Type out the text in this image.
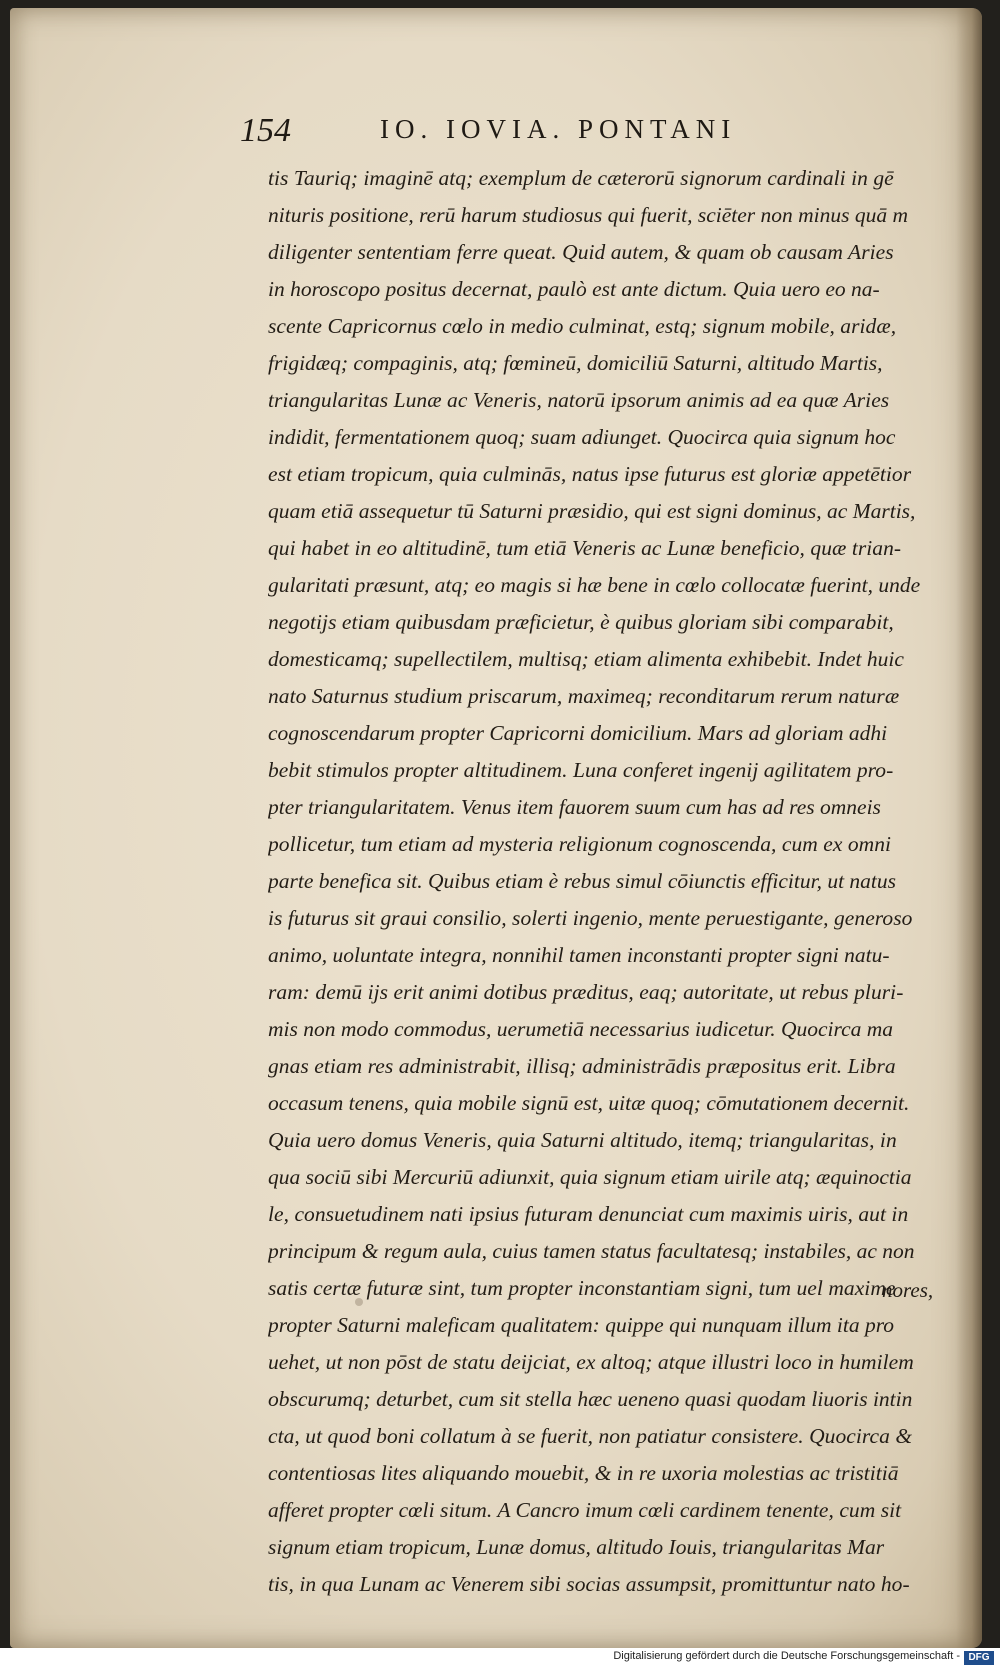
154	IO. IOVIA. PONTANI
tis Tauriq; imaginē atq; exemplum de cæterorū signorum cardinali in gē
nituris positione, rerū harum studiosus qui fuerit, sciēter non minus quā m
diligenter sententiam ferre queat. Quid autem, & quam ob causam Aries
in horoscopo positus decernat, paulò est ante dictum. Quia uero eo na-
scente Capricornus cœlo in medio culminat, estq; signum mobile, aridæ,
frigidæq; compaginis, atq; fœmineū, domiciliū Saturni, altitudo Martis,
triangularitas Lunæ ac Veneris, natorū ipsorum animis ad ea quæ Aries
indidit, fermentationem quoq; suam adiunget. Quocirca quia signum hoc
est etiam tropicum, quia culminās, natus ipse futurus est gloriæ appetētior
quam etiā assequetur tū Saturni præsidio, qui est signi dominus, ac Martis,
qui habet in eo altitudinē, tum etiā Veneris ac Lunæ beneficio, quæ trian-
gularitati præsunt, atq; eo magis si hæ bene in cœlo collocatæ fuerint, unde
negotijs etiam quibusdam præficietur, è quibus gloriam sibi comparabit,
domesticamq; supellectilem, multisq; etiam alimenta exhibebit. Indet huic
nato Saturnus studium priscarum, maximeq; reconditarum rerum naturæ
cognoscendarum propter Capricorni domicilium. Mars ad gloriam adhi
bebit stimulos propter altitudinem. Luna conferet ingenij agilitatem pro-
pter triangularitatem. Venus item fauorem suum cum has ad res omneis
pollicetur, tum etiam ad mysteria religionum cognoscenda, cum ex omni
parte benefica sit. Quibus etiam è rebus simul cōiunctis efficitur, ut natus
is futurus sit graui consilio, solerti ingenio, mente peruestigante, generoso
animo, uoluntate integra, nonnihil tamen inconstanti propter signi natu-
ram: demū ijs erit animi dotibus præditus, eaq; autoritate, ut rebus pluri-
mis non modo commodus, uerumetiā necessarius iudicetur. Quocirca ma
gnas etiam res administrabit, illisq; administrādis præpositus erit. Libra
occasum tenens, quia mobile signū est, uitæ quoq; cōmutationem decernit.
Quia uero domus Veneris, quia Saturni altitudo, itemq; triangularitas, in
qua sociū sibi Mercuriū adiunxit, quia signum etiam uirile atq; æquinoctia
le, consuetudinem nati ipsius futuram denunciat cum maximis uiris, aut in
principum & regum aula, cuius tamen status facultatesq; instabiles, ac non
satis certæ futuræ sint, tum propter inconstantiam signi, tum uel maxime
propter Saturni maleficam qualitatem: quippe qui nunquam illum ita pro
uehet, ut non pōst de statu deijciat, ex altoq; atque illustri loco in humilem
obscurumq; deturbet, cum sit stella hæc ueneno quasi quodam liuoris intin
cta, ut quod boni collatum à se fuerit, non patiatur consistere. Quocirca &
contentiosas lites aliquando mouebit, & in re uxoria molestias ac tristitiā
afferet propter cœli situm. A Cancro imum cœli cardinem tenente, cum sit
signum etiam tropicum, Lunæ domus, altitudo Iouis, triangularitas Mar
tis, in qua Lunam ac Venerem sibi socias assumpsit, promittuntur nato ho-
nores,
Digitalisierung gefördert durch die Deutsche Forschungsgemeinschaft - DFG
